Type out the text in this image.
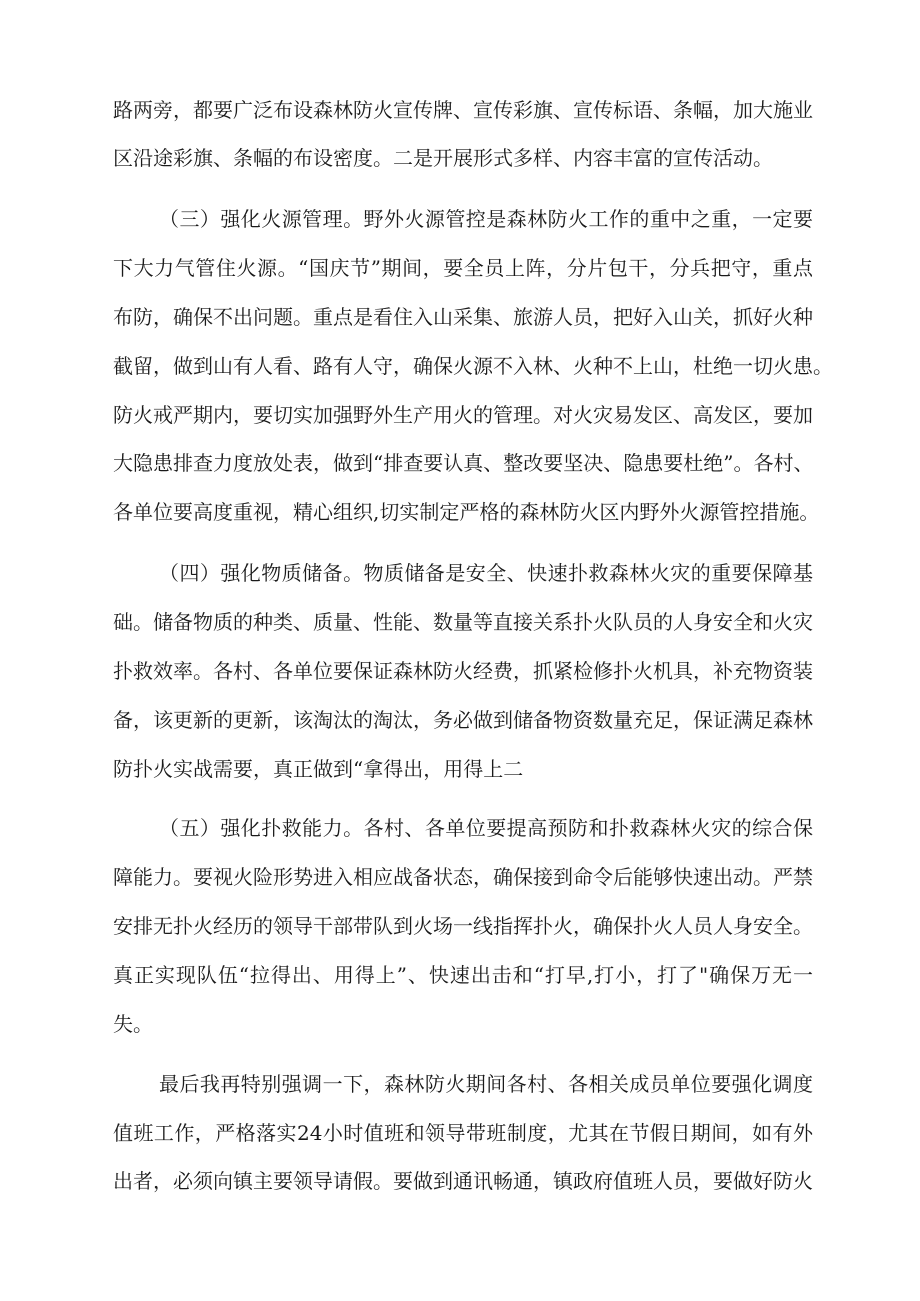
路两旁，都要广泛布设森林防火宣传牌、宣传彩旗、宣传标语、条幅，加大施业

区沿途彩旗、条幅的布设密度。二是开展形式多样、内容丰富的宣传活动。

（三）强化火源管理。野外火源管控是森林防火工作的重中之重，一定要

下大力气管住火源。“国庆节”期间，要全员上阵，分片包干，分兵把守，重点

布防，确保不出问题。重点是看住入山采集、旅游人员，把好入山关，抓好火种

截留，做到山有人看、路有人守，确保火源不入林、火种不上山，杜绝一切火患。

防火戒严期内，要切实加强野外生产用火的管理。对火灾易发区、高发区，要加

大隐患排查力度放处表，做到“排查要认真、整改要坚决、隐患要杜绝”。各村、

各单位要高度重视，精心组织,切实制定严格的森林防火区内野外火源管控措施。

（四）强化物质储备。物质储备是安全、快速扑救森林火灾的重要保障基

础。储备物质的种类、质量、性能、数量等直接关系扑火队员的人身安全和火灾

扑救效率。各村、各单位要保证森林防火经费，抓紧检修扑火机具，补充物资装

备，该更新的更新，该淘汰的淘汰，务必做到储备物资数量充足，保证满足森林

防扑火实战需要，真正做到“拿得出，用得上二

（五）强化扑救能力。各村、各单位要提高预防和扑救森林火灾的综合保

障能力。要视火险形势进入相应战备状态，确保接到命令后能够快速出动。严禁

安排无扑火经历的领导干部带队到火场一线指挥扑火，确保扑火人员人身安全。

真正实现队伍“拉得出、用得上”、快速出击和“打早,打小，打了"确保万无一

失。

最后我再特别强调一下，森林防火期间各村、各相关成员单位要强化调度

值班工作，严格落实24小时值班和领导带班制度，尤其在节假日期间，如有外

出者，必须向镇主要领导请假。要做到通讯畅通，镇政府值班人员，要做好防火
